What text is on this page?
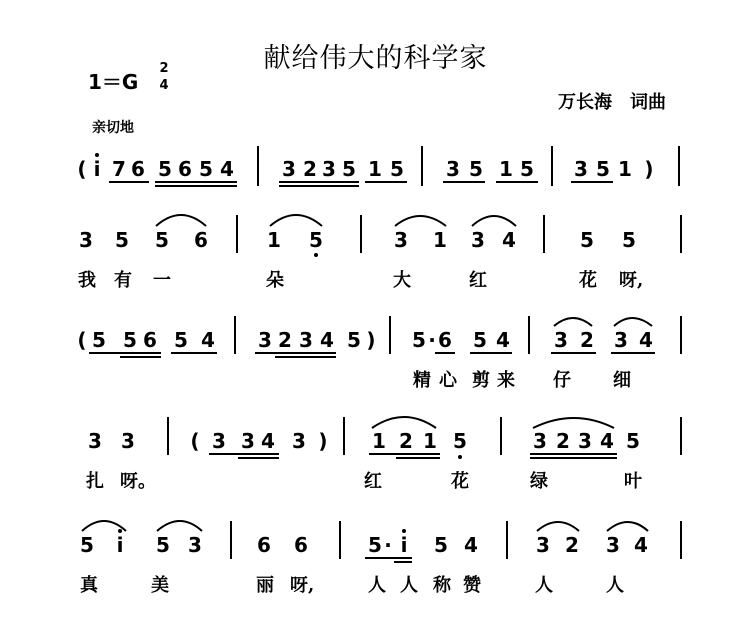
献给伟大的科学家
1＝G
2
4
万长海　词曲
亲切地
( i 7 6 5 6 5 4 3 2 3 5 1 5 3 5 1 5 3 5 1 )
3 5 5 6	1 5	3 1 3 4	5 5
我 有 一	朵	大	红	花 呀,
( 5 5 6 5 4 3 2 3 4 5 ) 5 · 6 5 4 3 2 3 4
精 心 剪 来 仔 细
3 3	( 3 3 4 3 ) 1 2 1 5	3 2 3 4 5
扎 呀。	红	花	绿	叶
5 i 5 3	6 6	5 · i 5 4	3 2 3 4
真	美	丽 呀,	人 人 称 赞	人	人
